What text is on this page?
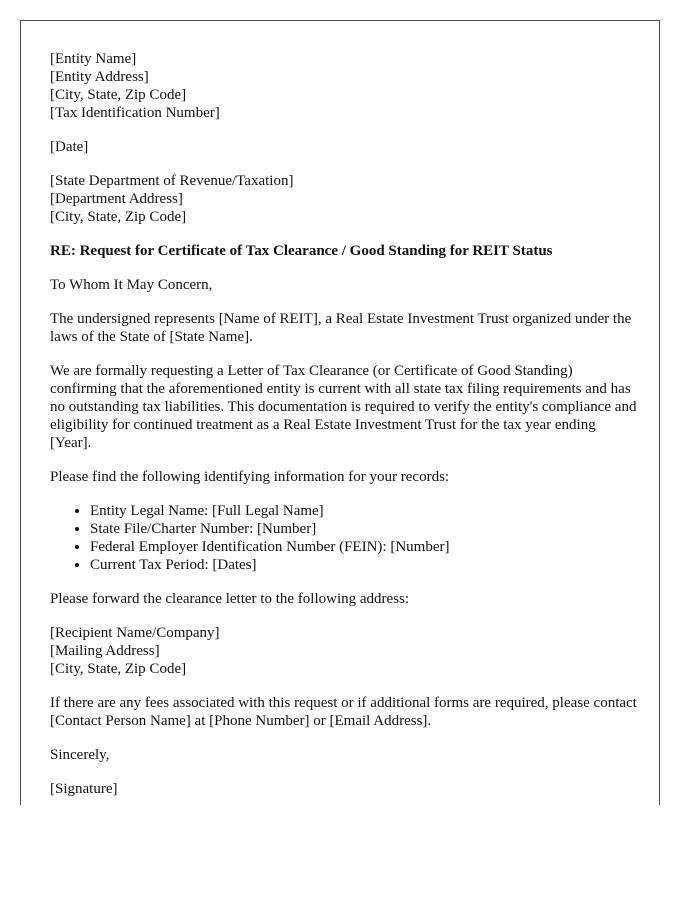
[Entity Name]
[Entity Address]
[City, State, Zip Code]
[Tax Identification Number]
[Date]
[State Department of Revenue/Taxation]
[Department Address]
[City, State, Zip Code]

RE: Request for Certificate of Tax Clearance / Good Standing for REIT Status

To Whom It May Concern,

The undersigned represents [Name of REIT], a Real Estate Investment Trust organized under the laws of the State of [State Name].

We are formally requesting a Letter of Tax Clearance (or Certificate of Good Standing) confirming that the aforementioned entity is current with all state tax filing requirements and has no outstanding tax liabilities. This documentation is required to verify the entity's compliance and eligibility for continued treatment as a Real Estate Investment Trust for the tax year ending [Year].

Please find the following identifying information for your records:

• Entity Legal Name: [Full Legal Name]
• State File/Charter Number: [Number]
• Federal Employer Identification Number (FEIN): [Number]
• Current Tax Period: [Dates]

Please forward the clearance letter to the following address:

[Recipient Name/Company]
[Mailing Address]
[City, State, Zip Code]

If there are any fees associated with this request or if additional forms are required, please contact [Contact Person Name] at [Phone Number] or [Email Address].

Sincerely,

[Signature]
